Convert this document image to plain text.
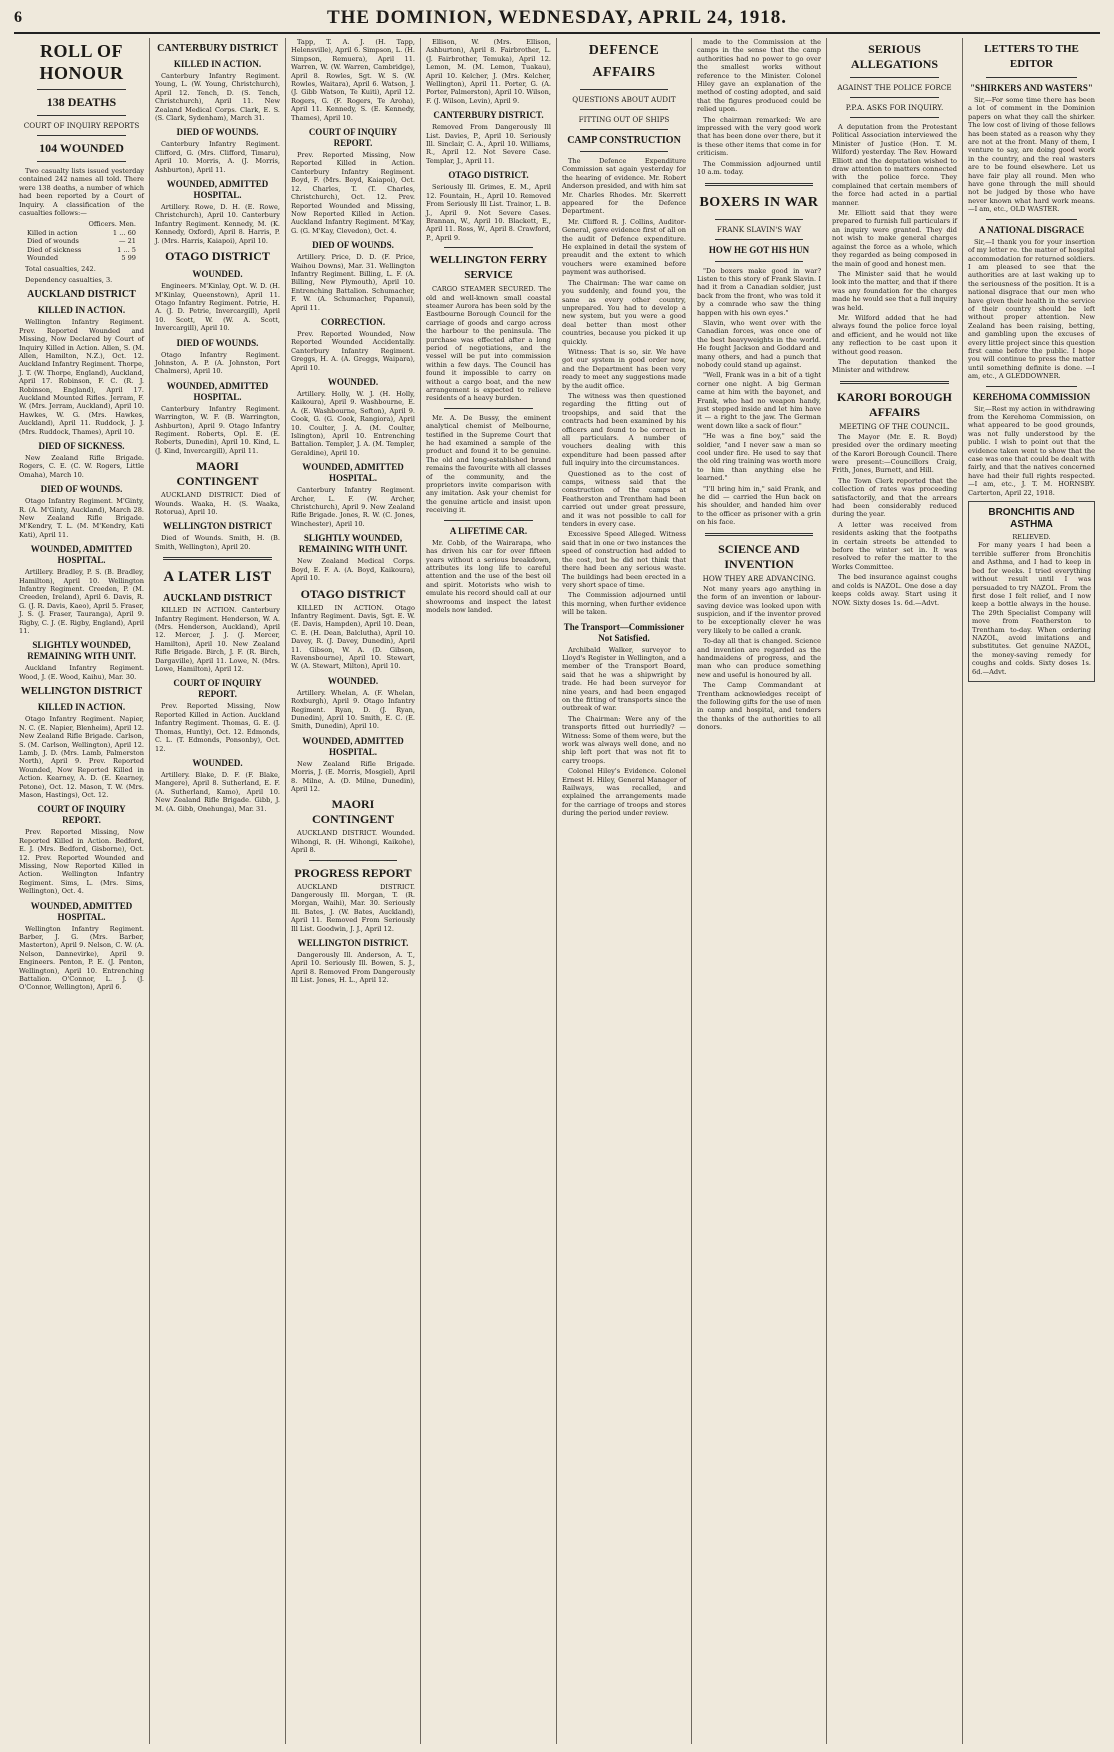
6	THE DOMINION, WEDNESDAY, APRIL 24, 1918.
ROLL OF HONOUR
138 DEATHS
COURT OF INQUIRY REPORTS
104 WOUNDED

Two casualty lists issued yesterday contained 242 names all told. There were 138 deaths, a number of which had been reported by a Court of Inquiry. A classification of the casualties follows:—

Officers. Men.
Killed in action	1 ... 60
Died of wounds	— 21
Died of sickness	1 ... 5
Wounded	5 99

Total casualties, 242.

Dependency casualties, 3.

AUCKLAND DISTRICT
KILLED IN ACTION.

Wellington Infantry Regiment. Prev. Reported Wounded and Missing, Now Declared by Court of Inquiry Killed in Action. Allen, S. (M. Allen, Hamilton, N.Z.), Oct. 12. Auckland Infantry Regiment. Thorpe, J. T. (W. Thorpe, England), Auckland, April 17. Robinson, F. C. (R. J. Robinson, England), April 17. Auckland Mounted Rifles. Jerram, F. W. (Mrs. Jerram, Auckland), April 10. Hawkes, W. G. (Mrs. Hawkes, Auckland), April 11. Ruddock, J. J. (Mrs. Ruddock, Thames), April 10.

DIED OF SICKNESS.

New Zealand Rifle Brigade. Rogers, C. E. (C. W. Rogers, Little Omaha), March 10.

DIED OF WOUNDS.

Otago Infantry Regiment. M'Ginty, R. (A. M'Ginty, Auckland), March 28. New Zealand Rifle Brigade. M'Kendry, T. L. (M. M'Kendry, Kati Kati), April 11.

WOUNDED, ADMITTED HOSPITAL.

Artillery. Bradley, P. S. (B. Bradley, Hamilton), April 10. Wellington Infantry Regiment. Creeden, P. (M. Creeden, Ireland), April 6. Davis, R. G. (J. R. Davis, Kaeo), April 5. Fraser, J. S. (J. Fraser, Tauranga), April 9. Rigby, C. J. (E. Rigby, England), April 11.

SLIGHTLY WOUNDED, REMAINING WITH UNIT.

Auckland Infantry Regiment. Wood, J. (E. Wood, Kaihu), Mar. 30.

WELLINGTON DISTRICT
KILLED IN ACTION.

Otago Infantry Regiment. Napier, N. C. (E. Napier, Blenheim), April 12. New Zealand Rifle Brigade. Carlson, S. (M. Carlson, Wellington), April 12. Lamb, J. D. (Mrs. Lamb, Palmerston North), April 9. Prev. Reported Wounded, Now Reported Killed in Action. Kearney, A. D. (E. Kearney, Petone), Oct. 12. Mason, T. W. (Mrs. Mason, Hastings), Oct. 12.

COURT OF INQUIRY REPORT.

Prev. Reported Missing, Now Reported Killed in Action. Bedford, E. J. (Mrs. Bedford, Gisborne), Oct. 12. Prev. Reported Wounded and Missing, Now Reported Killed in Action. Wellington Infantry Regiment. Sims, L. (Mrs. Sims, Wellington), Oct. 4.

WOUNDED, ADMITTED HOSPITAL.

Wellington Infantry Regiment. Barber, J. G. (Mrs. Barber, Masterton), April 9. Nelson, C. W. (A. Nelson, Dannevirke), April 9. Engineers. Penton, P. E. (J. Penton, Wellington), April 10. Entrenching Battalion. O'Connor, L. J. (J. O'Connor, Wellington), April 6.

CANTERBURY DISTRICT
KILLED IN ACTION.

Canterbury Infantry Regiment. Young, L. (W. Young, Christchurch), April 12. Tench, D. (S. Tench, Christchurch), April 11. New Zealand Medical Corps. Clark, E. S. (S. Clark, Sydenham), March 31.

DIED OF WOUNDS.

Canterbury Infantry Regiment. Clifford, G. (Mrs. Clifford, Timaru), April 10. Morris, A. (J. Morris, Ashburton), April 11.

WOUNDED, ADMITTED HOSPITAL.

Artillery. Rowe, D. H. (E. Rowe, Christchurch), April 10. Canterbury Infantry Regiment. Kennedy, M. (K. Kennedy, Oxford), April 8. Harris, P. J. (Mrs. Harris, Kaiapoi), April 10.

OTAGO DISTRICT
WOUNDED.

Engineers. M'Kinlay, Opt. W. D. (H. M'Kinlay, Queenstown), April 11. Otago Infantry Regiment. Petrie, H. A. (J. D. Petrie, Invercargill), April 10. Scott, W. (W. A. Scott, Invercargill), April 10.

DIED OF WOUNDS.

Otago Infantry Regiment. Johnston, A. P. (A. Johnston, Port Chalmers), April 10.

WOUNDED, ADMITTED HOSPITAL.

Canterbury Infantry Regiment. Warrington, W. F. (B. Warrington, Ashburton), April 9. Otago Infantry Regiment. Roberts, Opl. E. (E. Roberts, Dunedin), April 10. Kind, L. (J. Kind, Invercargill), April 11.

MAORI CONTINGENT

AUCKLAND DISTRICT. Died of Wounds. Waaka, H. (S. Waaka, Rotorua), April 10.

WELLINGTON DISTRICT

Died of Wounds. Smith, H. (B. Smith, Wellington), April 20.

A LATER LIST
AUCKLAND DISTRICT

KILLED IN ACTION. Canterbury Infantry Regiment. Henderson, W. A. (Mrs. Henderson, Auckland), April 12. Mercer, J. J. (J. Mercer, Hamilton), April 10. New Zealand Rifle Brigade. Birch, J. F. (R. Birch, Dargaville), April 11. Lowe, N. (Mrs. Lowe, Hamilton), April 12.

COURT OF INQUIRY REPORT.

Prev. Reported Missing, Now Reported Killed in Action. Auckland Infantry Regiment. Thomas, G. E. (J. Thomas, Huntly), Oct. 12. Edmonds, C. L. (T. Edmonds, Ponsonby), Oct. 12.

WOUNDED.

Artillery. Blake, D. F. (F. Blake, Mangere), April 8. Sutherland, E. F. (A. Sutherland, Kamo), April 10. New Zealand Rifle Brigade. Gibb, J. M. (A. Gibb, Onehunga), Mar. 31.

Tapp, T. A. J. (H. Tapp, Helensville), April 6. Simpson, L. (H. Simpson, Remuera), April 11. Warren, W. (W. Warren, Cambridge), April 8. Rowles, Sgt. W. S. (W. Rowles, Waitara), April 6. Watson, J. (J. Gibb Watson, Te Kuiti), April 12. Rogers, G. (F. Rogers, Te Aroha), April 11. Kennedy, S. (E. Kennedy, Thames), April 10.

COURT OF INQUIRY REPORT.

Prev. Reported Missing, Now Reported Killed in Action. Canterbury Infantry Regiment. Boyd, F. (Mrs. Boyd, Kaiapoi), Oct. 12. Charles, T. (T. Charles, Christchurch), Oct. 12. Prev. Reported Wounded and Missing, Now Reported Killed in Action. Auckland Infantry Regiment. M'Kay, G. (G. M'Kay, Clevedon), Oct. 4.

DIED OF WOUNDS.

Artillery. Price, D. D. (F. Price, Waihou Downs), Mar. 31. Wellington Infantry Regiment. Billing, L. F. (A. Billing, New Plymouth), April 10. Entrenching Battalion. Schumacher, F. W. (A. Schumacher, Papanui), April 11.

CORRECTION.

Prev. Reported Wounded, Now Reported Wounded Accidentally. Canterbury Infantry Regiment. Greggs, H. A. (A. Greggs, Waipara), April 10.

WOUNDED.

Artillery. Holly, W. J. (H. Holly, Kaikoura), April 9. Washbourne, E. A. (E. Washbourne, Sefton), April 9. Cook, G. (G. Cook, Rangiora), April 10. Coulter, J. A. (M. Coulter, Islington), April 10. Entrenching Battalion. Templer, J. A. (M. Templer, Geraldine), April 10.

WOUNDED, ADMITTED HOSPITAL.

Canterbury Infantry Regiment. Archer, L. F. (W. Archer, Christchurch), April 9. New Zealand Rifle Brigade. Jones, R. W. (C. Jones, Winchester), April 10.

SLIGHTLY WOUNDED, REMAINING WITH UNIT.

New Zealand Medical Corps. Boyd, E. F. A. (A. Boyd, Kaikoura), April 10.

OTAGO DISTRICT

KILLED IN ACTION. Otago Infantry Regiment. Davis, Sgt. E. W. (E. Davis, Hampden), April 10. Dean, C. E. (H. Dean, Balclutha), April 10. Davey, R. (J. Davey, Dunedin), April 11. Gibson, W. A. (D. Gibson, Ravensbourne), April 10. Stewart, W. (A. Stewart, Milton), April 10.

WOUNDED.

Artillery. Whelan, A. (F. Whelan, Roxburgh), April 9. Otago Infantry Regiment. Ryan, D. (J. Ryan, Dunedin), April 10. Smith, E. C. (E. Smith, Dunedin), April 10.

WOUNDED, ADMITTED HOSPITAL.

New Zealand Rifle Brigade. Morris, J. (E. Morris, Mosgiel), April 8. Milne, A. (D. Milne, Dunedin), April 12.

MAORI CONTINGENT

AUCKLAND DISTRICT. Wounded. Wihongi, R. (H. Wihongi, Kaikohe), April 8.

PROGRESS REPORT

AUCKLAND DISTRICT. Dangerously Ill. Morgan, T. (R. Morgan, Waihi), Mar. 30. Seriously Ill. Bates, J. (W. Bates, Auckland), April 11. Removed From Seriously Ill List. Goodwin, J. J., April 12.

WELLINGTON DISTRICT.

Dangerously Ill. Anderson, A. T., April 10. Seriously Ill. Bowen, S. J., April 8. Removed From Dangerously Ill List. Jones, H. L., April 12.

Ellison, W. (Mrs. Ellison, Ashburton), April 8. Fairbrother, L. (J. Fairbrother, Temuka), April 12. Lemon, M. (M. Lemon, Tuakau), April 10. Kelcher, J. (Mrs. Kelcher, Wellington), April 11. Porter, G. (A. Porter, Palmerston), April 10. Wilson, F. (J. Wilson, Levin), April 9.

CANTERBURY DISTRICT.

Removed From Dangerously Ill List. Davies, P., April 10. Seriously Ill. Sinclair, C. A., April 10. Williams, R., April 12. Not Severe Case. Templar, J., April 11.

OTAGO DISTRICT.

Seriously Ill. Grimes, E. M., April 12. Fountain, H., April 10. Removed From Seriously Ill List. Trainor, L. B. J., April 9. Not Severe Cases. Brannan, W., April 10. Blackett, E., April 11. Ross, W., April 8. Crawford, P., April 9.

WELLINGTON FERRY SERVICE

CARGO STEAMER SECURED. The old and well-known small coastal steamer Aurora has been sold by the Eastbourne Borough Council for the carriage of goods and cargo across the harbour to the peninsula. The purchase was effected after a long period of negotiations, and the vessel will be put into commission within a few days. The Council has found it impossible to carry on without a cargo boat, and the new arrangement is expected to relieve residents of a heavy burden.

Mr. A. De Bussy, the eminent analytical chemist of Melbourne, testified in the Supreme Court that he had examined a sample of the product and found it to be genuine. The old and long-established brand remains the favourite with all classes of the community, and the proprietors invite comparison with any imitation. Ask your chemist for the genuine article and insist upon receiving it.

A LIFETIME CAR.

Mr. Cobb, of the Wairarapa, who has driven his car for over fifteen years without a serious breakdown, attributes its long life to careful attention and the use of the best oil and spirit. Motorists who wish to emulate his record should call at our showrooms and inspect the latest models now landed.

DEFENCE AFFAIRS
QUESTIONS ABOUT AUDIT
FITTING OUT OF SHIPS
CAMP CONSTRUCTION

The Defence Expenditure Commission sat again yesterday for the hearing of evidence. Mr. Robert Anderson presided, and with him sat Mr. Charles Rhodes. Mr. Skerrett appeared for the Defence Department.

Mr. Clifford R. J. Collins, Auditor-General, gave evidence first of all on the audit of Defence expenditure. He explained in detail the system of preaudit and the extent to which vouchers were examined before payment was authorised.

The Chairman: The war came on you suddenly, and found you, the same as every other country, unprepared. You had to develop a new system, but you were a good deal better than most other countries, because you picked it up quickly.

Witness: That is so, sir. We have got our system in good order now, and the Department has been very ready to meet any suggestions made by the audit office.

The witness was then questioned regarding the fitting out of troopships, and said that the contracts had been examined by his officers and found to be correct in all particulars. A number of vouchers dealing with this expenditure had been passed after full inquiry into the circumstances.

Questioned as to the cost of camps, witness said that the construction of the camps at Featherston and Trentham had been carried out under great pressure, and it was not possible to call for tenders in every case.

Excessive Speed Alleged. Witness said that in one or two instances the speed of construction had added to the cost, but he did not think that there had been any serious waste. The buildings had been erected in a very short space of time.

The Commission adjourned until this morning, when further evidence will be taken.

The Transport—Commissioner Not Satisfied.

Archibald Walker, surveyor to Lloyd's Register in Wellington, and a member of the Transport Board, said that he was a shipwright by trade. He had been surveyor for nine years, and had been engaged on the fitting of transports since the outbreak of war.

The Chairman: Were any of the transports fitted out hurriedly? — Witness: Some of them were, but the work was always well done, and no ship left port that was not fit to carry troops.

Colonel Hiley's Evidence. Colonel Ernest H. Hiley, General Manager of Railways, was recalled, and explained the arrangements made for the carriage of troops and stores during the period under review.

made to the Commission at the camps in the sense that the camp authorities had no power to go over the smallest works without reference to the Minister. Colonel Hiley gave an explanation of the method of costing adopted, and said that the figures produced could be relied upon.

The chairman remarked: We are impressed with the very good work that has been done over there, but it is these other items that come in for criticism.

The Commission adjourned until 10 a.m. today.

BOXERS IN WAR
FRANK SLAVIN'S WAY
HOW HE GOT HIS HUN

"Do boxers make good in war? Listen to this story of Frank Slavin. I had it from a Canadian soldier, just back from the front, who was told it by a comrade who saw the thing happen with his own eyes."

Slavin, who went over with the Canadian forces, was once one of the best heavyweights in the world. He fought Jackson and Goddard and many others, and had a punch that nobody could stand up against.

"Well, Frank was in a bit of a tight corner one night. A big German came at him with the bayonet, and Frank, who had no weapon handy, just stepped inside and let him have it — a right to the jaw. The German went down like a sack of flour."

"He was a fine boy," said the soldier, "and I never saw a man so cool under fire. He used to say that the old ring training was worth more to him than anything else he learned."

"I'll bring him in," said Frank, and he did — carried the Hun back on his shoulder, and handed him over to the officer as prisoner with a grin on his face.

SCIENCE AND INVENTION
HOW THEY ARE ADVANCING.

Not many years ago anything in the form of an invention or labour-saving device was looked upon with suspicion, and if the inventor proved to be exceptionally clever he was very likely to be called a crank.

To-day all that is changed. Science and invention are regarded as the handmaidens of progress, and the man who can produce something new and useful is honoured by all.

The Camp Commandant at Trentham acknowledges receipt of the following gifts for the use of men in camp and hospital, and tenders the thanks of the authorities to all donors.

SERIOUS ALLEGATIONS
AGAINST THE POLICE FORCE
P.P.A. ASKS FOR INQUIRY.

A deputation from the Protestant Political Association interviewed the Minister of Justice (Hon. T. M. Wilford) yesterday. The Rev. Howard Elliott and the deputation wished to draw attention to matters connected with the police force. They complained that certain members of the force had acted in a partial manner.

Mr. Elliott said that they were prepared to furnish full particulars if an inquiry were granted. They did not wish to make general charges against the force as a whole, which they regarded as being composed in the main of good and honest men.

The Minister said that he would look into the matter, and that if there was any foundation for the charges made he would see that a full inquiry was held.

Mr. Wilford added that he had always found the police force loyal and efficient, and he would not like any reflection to be cast upon it without good reason.

The deputation thanked the Minister and withdrew.

KARORI BOROUGH AFFAIRS
MEETING OF THE COUNCIL.

The Mayor (Mr. E. R. Boyd) presided over the ordinary meeting of the Karori Borough Council. There were present:—Councillors Craig, Frith, Jones, Burnett, and Hill.

The Town Clerk reported that the collection of rates was proceeding satisfactorily, and that the arrears had been considerably reduced during the year.

A letter was received from residents asking that the footpaths in certain streets be attended to before the winter set in. It was resolved to refer the matter to the Works Committee.

The bed insurance against coughs and colds is NAZOL. One dose a day keeps colds away. Start using it NOW. Sixty doses 1s. 6d.—Advt.

LETTERS TO THE EDITOR
"SHIRKERS AND WASTERS"

Sir,—For some time there has been a lot of comment in the Dominion papers on what they call the shirker. The low cost of living of those fellows has been stated as a reason why they are not at the front. Many of them, I venture to say, are doing good work in the country, and the real wasters are to be found elsewhere. Let us have fair play all round. Men who have gone through the mill should not be judged by those who have never known what hard work means. —I am, etc., OLD WASTER.

A NATIONAL DISGRACE

Sir,—I thank you for your insertion of my letter re. the matter of hospital accommodation for returned soldiers. I am pleased to see that the authorities are at last waking up to the seriousness of the position. It is a national disgrace that our men who have given their health in the service of their country should be left without proper attention. New Zealand has been raising, betting, and gambling upon the excuses of every little project since this question first came before the public. I hope you will continue to press the matter until something definite is done. —I am, etc., A GLEDDOWNER.

KEREHOMA COMMISSION

Sir,—Rest my action in withdrawing from the Kerehoma Commission, on what appeared to be good grounds, was not fully understood by the public. I wish to point out that the evidence taken went to show that the case was one that could be dealt with fairly, and that the natives concerned have had their full rights respected. —I am, etc., J. T. M. HORNSBY. Carterton, April 22, 1918.

BRONCHITIS AND ASTHMA
RELIEVED.

For many years I had been a terrible sufferer from Bronchitis and Asthma, and I had to keep in bed for weeks. I tried everything without result until I was persuaded to try NAZOL. From the first dose I felt relief, and I now keep a bottle always in the house. The 29th Specialist Company will move from Featherston to Trentham to-day. When ordering NAZOL, avoid imitations and substitutes. Get genuine NAZOL, the money-saving remedy for coughs and colds. Sixty doses 1s. 6d.—Advt.
